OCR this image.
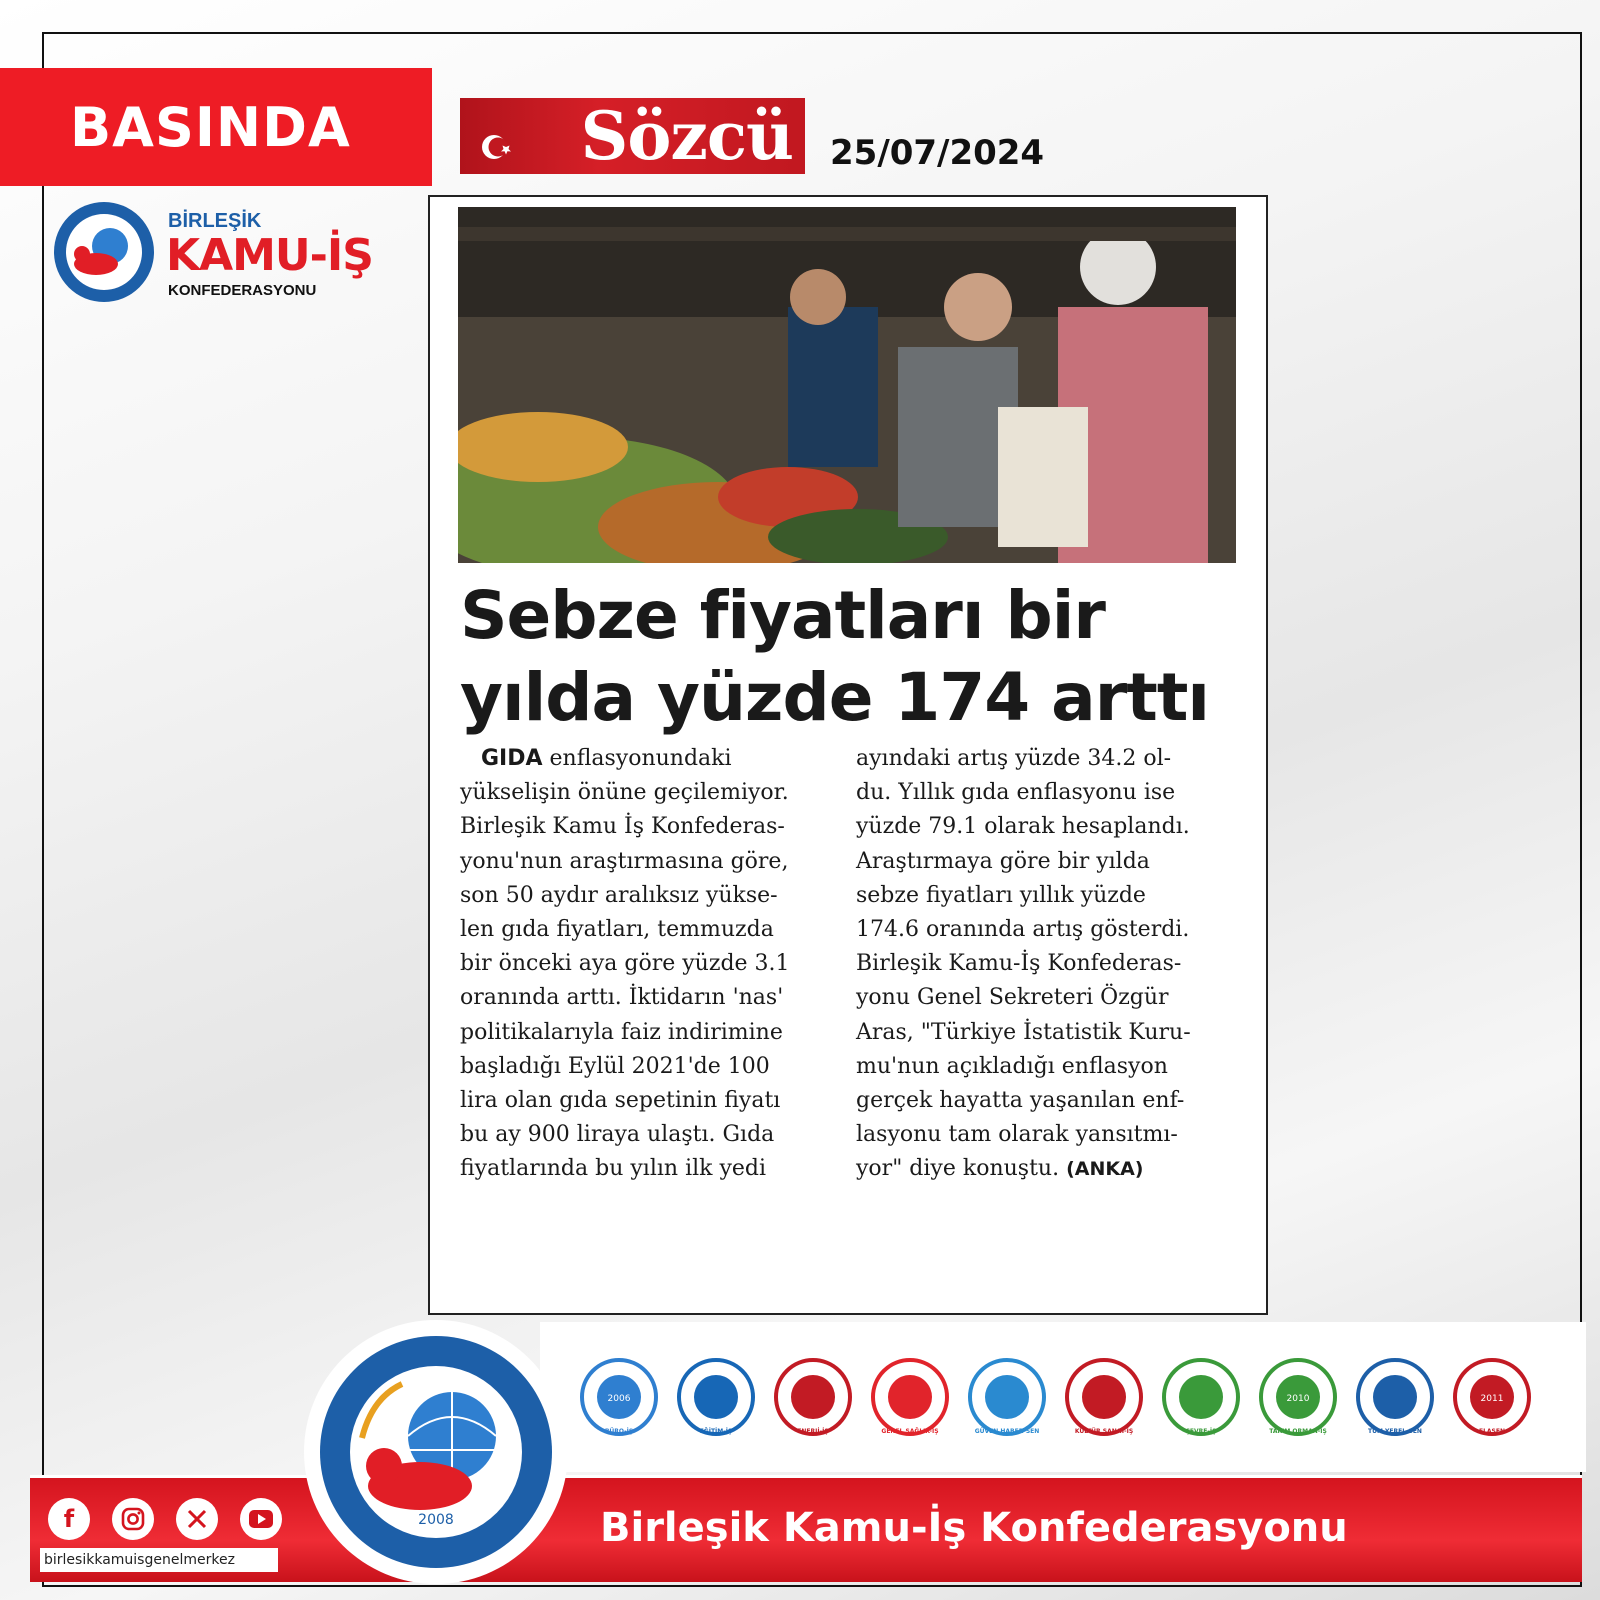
BASINDA	Sözcü 25/07/2024
BİRLEŞİK
KAMU-İŞ
KONFEDERASYONU
Sebze fiyatları bir
yılda yüzde 174 arttı

GIDA enflasyonundaki

yükselişin önüne geçilemiyor.

Birleşik Kamu İş Konfederas-

yonu'nun araştırmasına göre,

son 50 aydır aralıksız yükse-

len gıda fiyatları, temmuzda

bir önceki aya göre yüzde 3.1

oranında arttı. İktidarın 'nas'

politikalarıyla faiz indirimine

başladığı Eylül 2021'de 100

lira olan gıda sepetinin fiyatı

bu ay 900 liraya ulaştı. Gıda

fiyatlarında bu yılın ilk yedi

ayındaki artış yüzde 34.2 ol-

du. Yıllık gıda enflasyonu ise

yüzde 79.1 olarak hesaplandı.

Araştırmaya göre bir yılda

sebze fiyatları yıllık yüzde

174.6 oranında artış gösterdi.

Birleşik Kamu-İş Konfederas-

yonu Genel Sekreteri Özgür

Aras, "Türkiye İstatistik Kuru-

mu'nun açıkladığı enflasyon

gerçek hayatta yaşanılan enf-

lasyonu tam olarak yansıtmı-

yor" diye konuştu. (ANKA)

BÜRO-İŞ
2006
EĞİTİM-İŞ	ENERJİ-İŞ	GENEL SAĞLIK-İŞ	GÜVEN HABER-SEN	KÜLTÜR SANAT-İŞ	ÇEVRE-İŞ	TARIM ORMAN-İŞ
2010
TÜM YEREL-SEN	ELASEN
2011
2008
f
birlesikkamuisgenelmerkez
Birleşik Kamu-İş Konfederasyonu
